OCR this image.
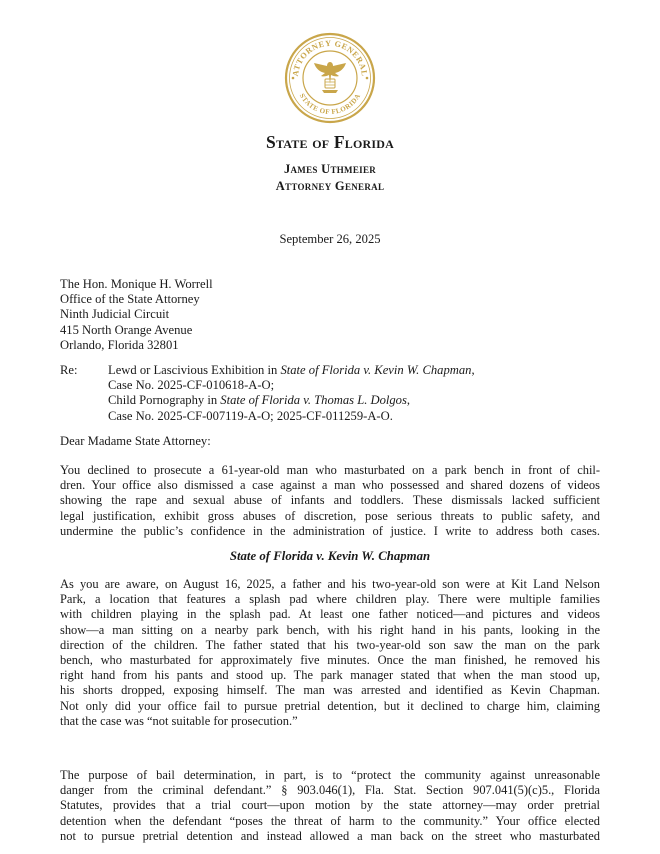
ATTORNEY GENERAL
STATE OF FLORIDA
State of Florida
James Uthmeier
Attorney General
September 26, 2025
The Hon. Monique H. Worrell
Office of the State Attorney
Ninth Judicial Circuit
415 North Orange Avenue
Orlando, Florida 32801
Re: Lewd or Lascivious Exhibition in State of Florida v. Kevin W. Chapman,
Case No. 2025-CF-010618-A-O;
Child Pornography in State of Florida v. Thomas L. Dolgos,
Case No. 2025-CF-007119-A-O; 2025-CF-011259-A-O.
Dear Madame State Attorney:
You declined to prosecute a 61-year-old man who masturbated on a park bench in front of chil-
dren. Your office also dismissed a case against a man who possessed and shared dozens of videos
showing the rape and sexual abuse of infants and toddlers. These dismissals lacked sufficient
legal justification, exhibit gross abuses of discretion, pose serious threats to public safety, and
undermine the public’s confidence in the administration of justice. I write to address both cases.
State of Florida v. Kevin W. Chapman
As you are aware, on August 16, 2025, a father and his two-year-old son were at Kit Land Nelson
Park, a location that features a splash pad where children play. There were multiple families
with children playing in the splash pad. At least one father noticed—and pictures and videos
show—a man sitting on a nearby park bench, with his right hand in his pants, looking in the
direction of the children. The father stated that his two-year-old son saw the man on the park
bench, who masturbated for approximately five minutes. Once the man finished, he removed his
right hand from his pants and stood up. The park manager stated that when the man stood up,
his shorts dropped, exposing himself. The man was arrested and identified as Kevin Chapman.
Not only did your office fail to pursue pretrial detention, but it declined to charge him, claiming
that the case was “not suitable for prosecution.”
The purpose of bail determination, in part, is to “protect the community against unreasonable
danger from the criminal defendant.” § 903.046(1), Fla. Stat. Section 907.041(5)(c)5., Florida
Statutes, provides that a trial court—upon motion by the state attorney—may order pretrial
detention when the defendant “poses the threat of harm to the community.” Your office elected
not to pursue pretrial detention and instead allowed a man back on the street who masturbated
